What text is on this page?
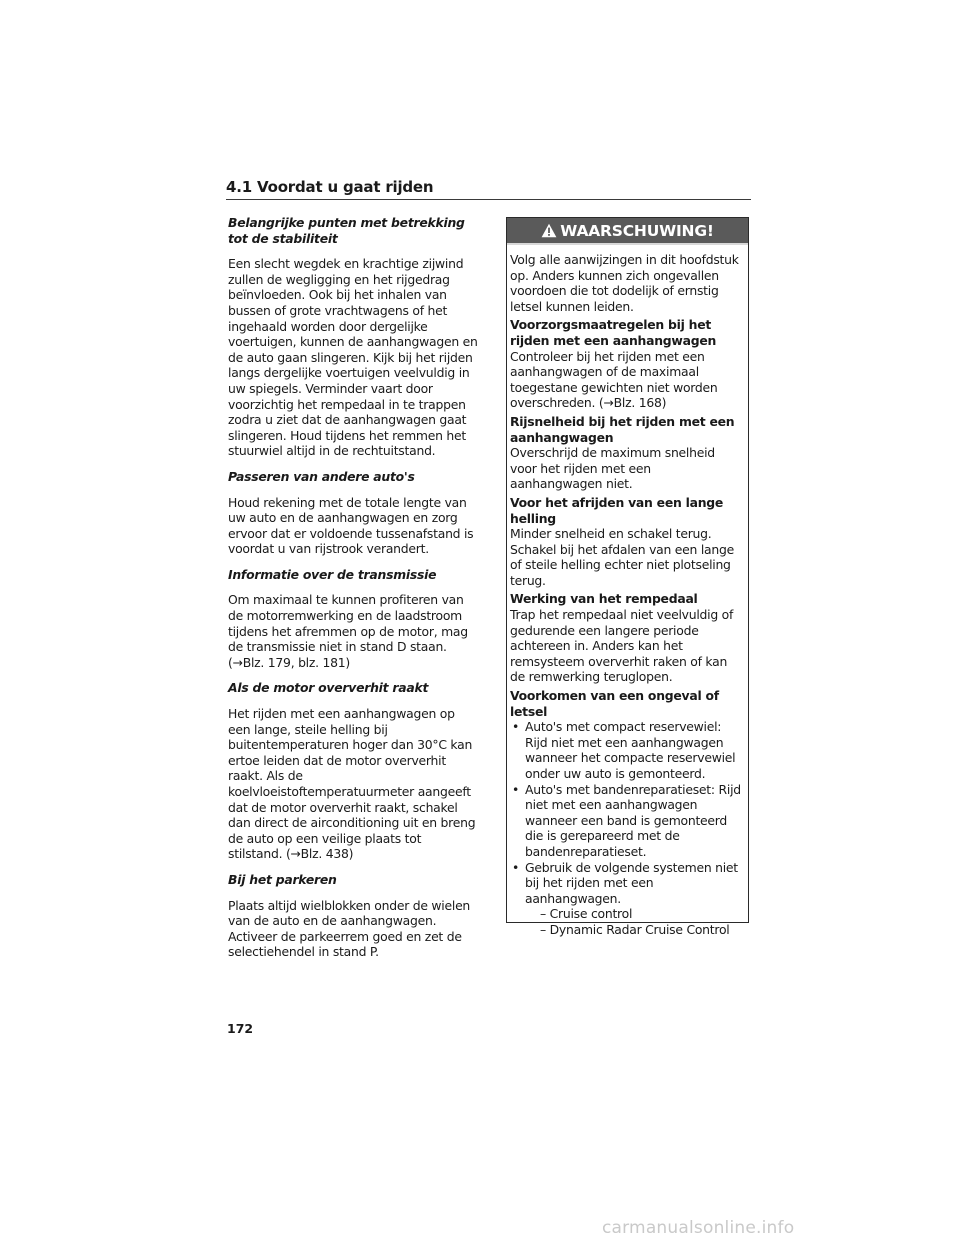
4.1 Voordat u gaat rijden

Belangrijke punten met betrekking tot de stabiliteit

Een slecht wegdek en krachtige zijwind zullen de wegligging en het rijgedrag beïnvloeden. Ook bij het inhalen van bussen of grote vrachtwagens of het ingehaald worden door dergelijke voertuigen, kunnen de aanhangwagen en de auto gaan slingeren. Kijk bij het rijden langs dergelijke voertuigen veelvuldig in uw spiegels. Verminder vaart door voorzichtig het rempedaal in te trappen zodra u ziet dat de aanhangwagen gaat slingeren. Houd tijdens het remmen het stuurwiel altijd in de rechtuitstand.

Passeren van andere auto's

Houd rekening met de totale lengte van uw auto en de aanhangwagen en zorg ervoor dat er voldoende tussenafstand is voordat u van rijstrook verandert.

Informatie over de transmissie

Om maximaal te kunnen profiteren van de motorremwerking en de laadstroom tijdens het afremmen op de motor, mag de transmissie niet in stand D staan. (→Blz. 179, blz. 181)

Als de motor oververhit raakt

Het rijden met een aanhangwagen op een lange, steile helling bij buitentemperaturen hoger dan 30°C kan ertoe leiden dat de motor oververhit raakt. Als de koelvloeistoftemperatuurmeter aangeeft dat de motor oververhit raakt, schakel dan direct de airconditioning uit en breng de auto op een veilige plaats tot stilstand. (→Blz. 438)

Bij het parkeren

Plaats altijd wielblokken onder de wielen van de auto en de aanhangwagen. Activeer de parkeerrem goed en zet de selectiehendel in stand P.

WAARSCHUWING!

Volg alle aanwijzingen in dit hoofdstuk op. Anders kunnen zich ongevallen voordoen die tot dodelijk of ernstig letsel kunnen leiden.

Voorzorgsmaatregelen bij het rijden met een aanhangwagen

Controleer bij het rijden met een aanhangwagen of de maximaal toegestane gewichten niet worden overschreden. (→Blz. 168)

Rijsnelheid bij het rijden met een aanhangwagen

Overschrijd de maximum snelheid voor het rijden met een aanhangwagen niet.

Voor het afrijden van een lange helling

Minder snelheid en schakel terug. Schakel bij het afdalen van een lange of steile helling echter niet plotseling terug.

Werking van het rempedaal

Trap het rempedaal niet veelvuldig of gedurende een langere periode achtereen in. Anders kan het remsysteem oververhit raken of kan de remwerking teruglopen.

Voorkomen van een ongeval of letsel

• Auto's met compact reservewiel: Rijd niet met een aanhangwagen wanneer het compacte reservewiel onder uw auto is gemonteerd.
• Auto's met bandenreparatieset: Rijd niet met een aanhangwagen wanneer een band is gemonteerd die is gerepareerd met de bandenreparatieset.
• Gebruik de volgende systemen niet bij het rijden met een aanhangwagen.
– Cruise control
– Dynamic Radar Cruise Control
172
carmanualsonline.info
